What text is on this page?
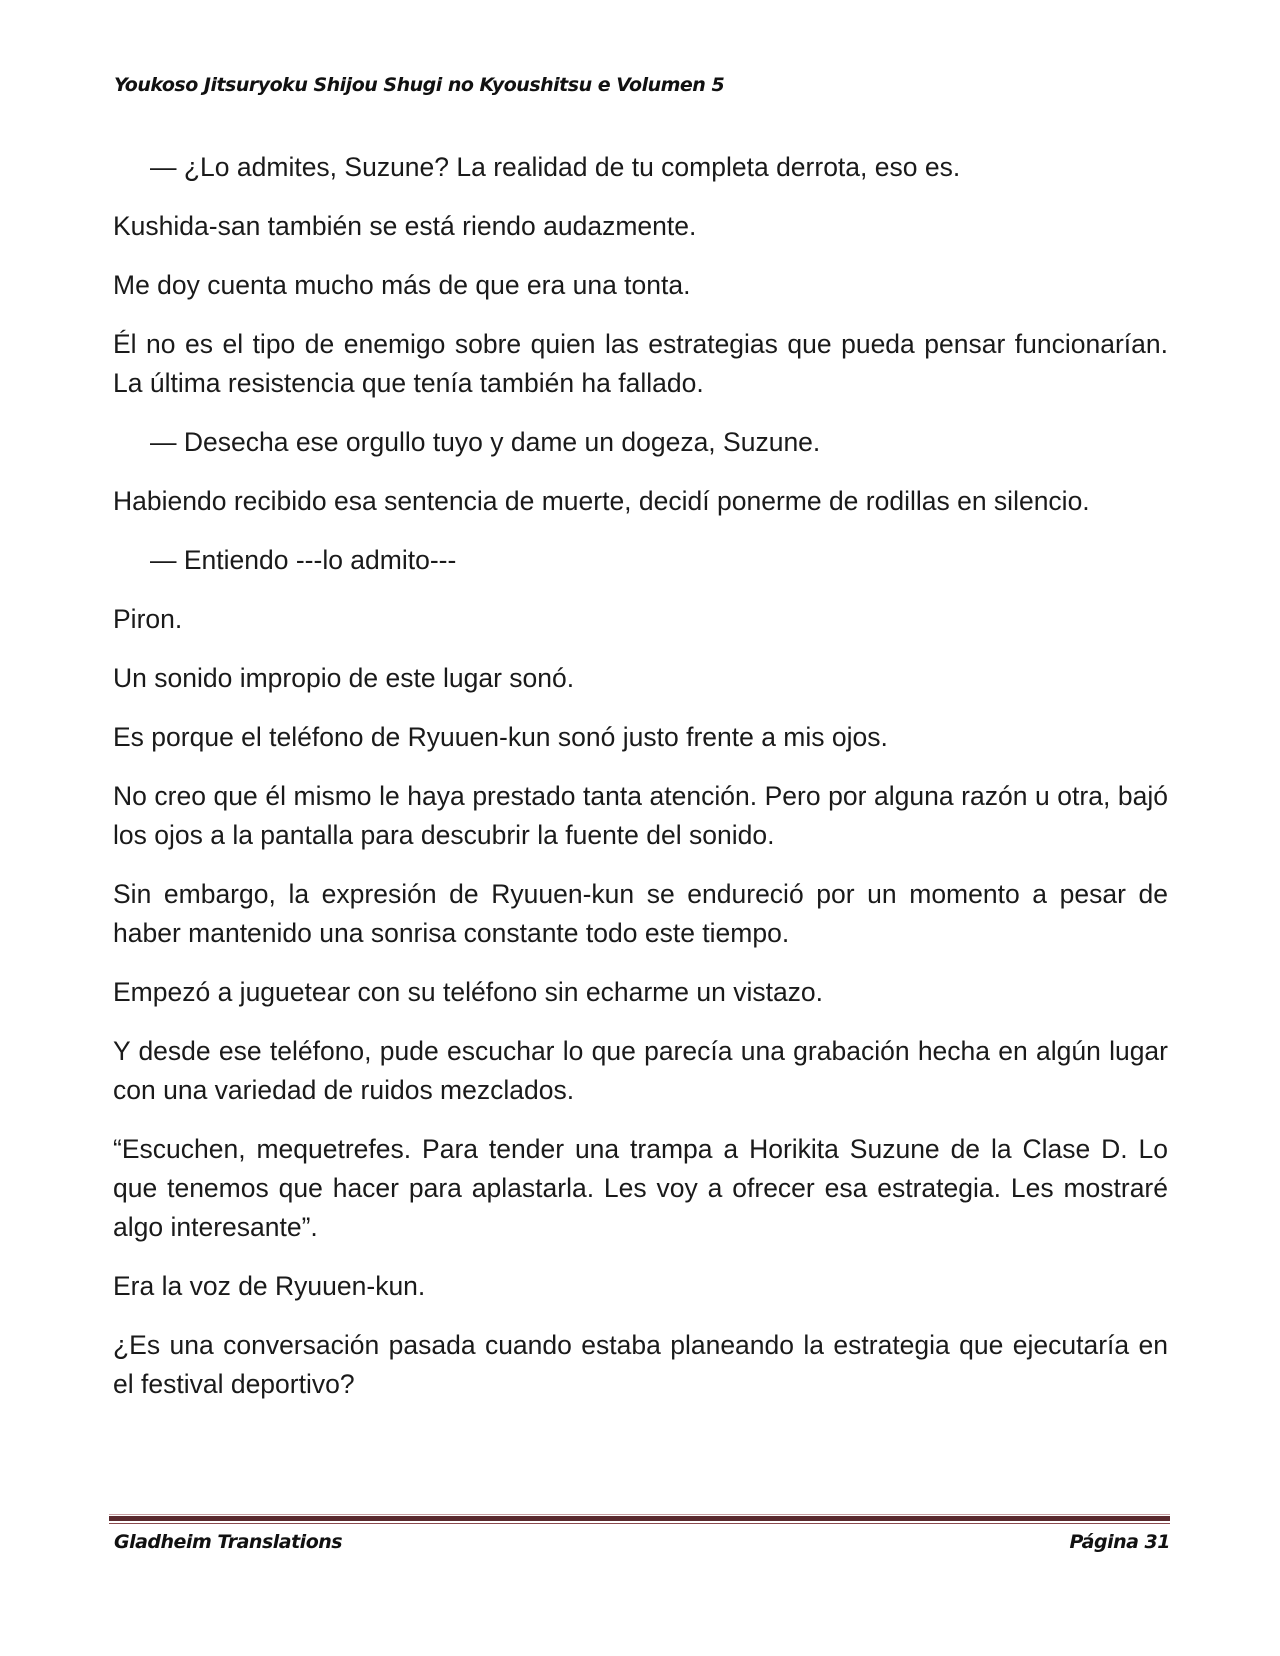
Youkoso Jitsuryoku Shijou Shugi no Kyoushitsu e Volumen 5

— ¿Lo admites, Suzune? La realidad de tu completa derrota, eso es.

Kushida-san también se está riendo audazmente.

Me doy cuenta mucho más de que era una tonta.

Él no es el tipo de enemigo sobre quien las estrategias que pueda pensar funcionarían. La última resistencia que tenía también ha fallado.

— Desecha ese orgullo tuyo y dame un dogeza, Suzune.

Habiendo recibido esa sentencia de muerte, decidí ponerme de rodillas en silencio.

— Entiendo ---lo admito---

Piron.

Un sonido impropio de este lugar sonó.

Es porque el teléfono de Ryuuen-kun sonó justo frente a mis ojos.

No creo que él mismo le haya prestado tanta atención. Pero por alguna razón u otra, bajó los ojos a la pantalla para descubrir la fuente del sonido.

Sin embargo, la expresión de Ryuuen-kun se endureció por un momento a pesar de haber mantenido una sonrisa constante todo este tiempo.

Empezó a juguetear con su teléfono sin echarme un vistazo.

Y desde ese teléfono, pude escuchar lo que parecía una grabación hecha en algún lugar con una variedad de ruidos mezclados.

“Escuchen, mequetrefes. Para tender una trampa a Horikita Suzune de la Clase D. Lo que tenemos que hacer para aplastarla. Les voy a ofrecer esa estrategia. Les mostraré algo interesante”.

Era la voz de Ryuuen-kun.

¿Es una conversación pasada cuando estaba planeando la estrategia que ejecutaría en el festival deportivo?

Gladheim Translations	Página 31
